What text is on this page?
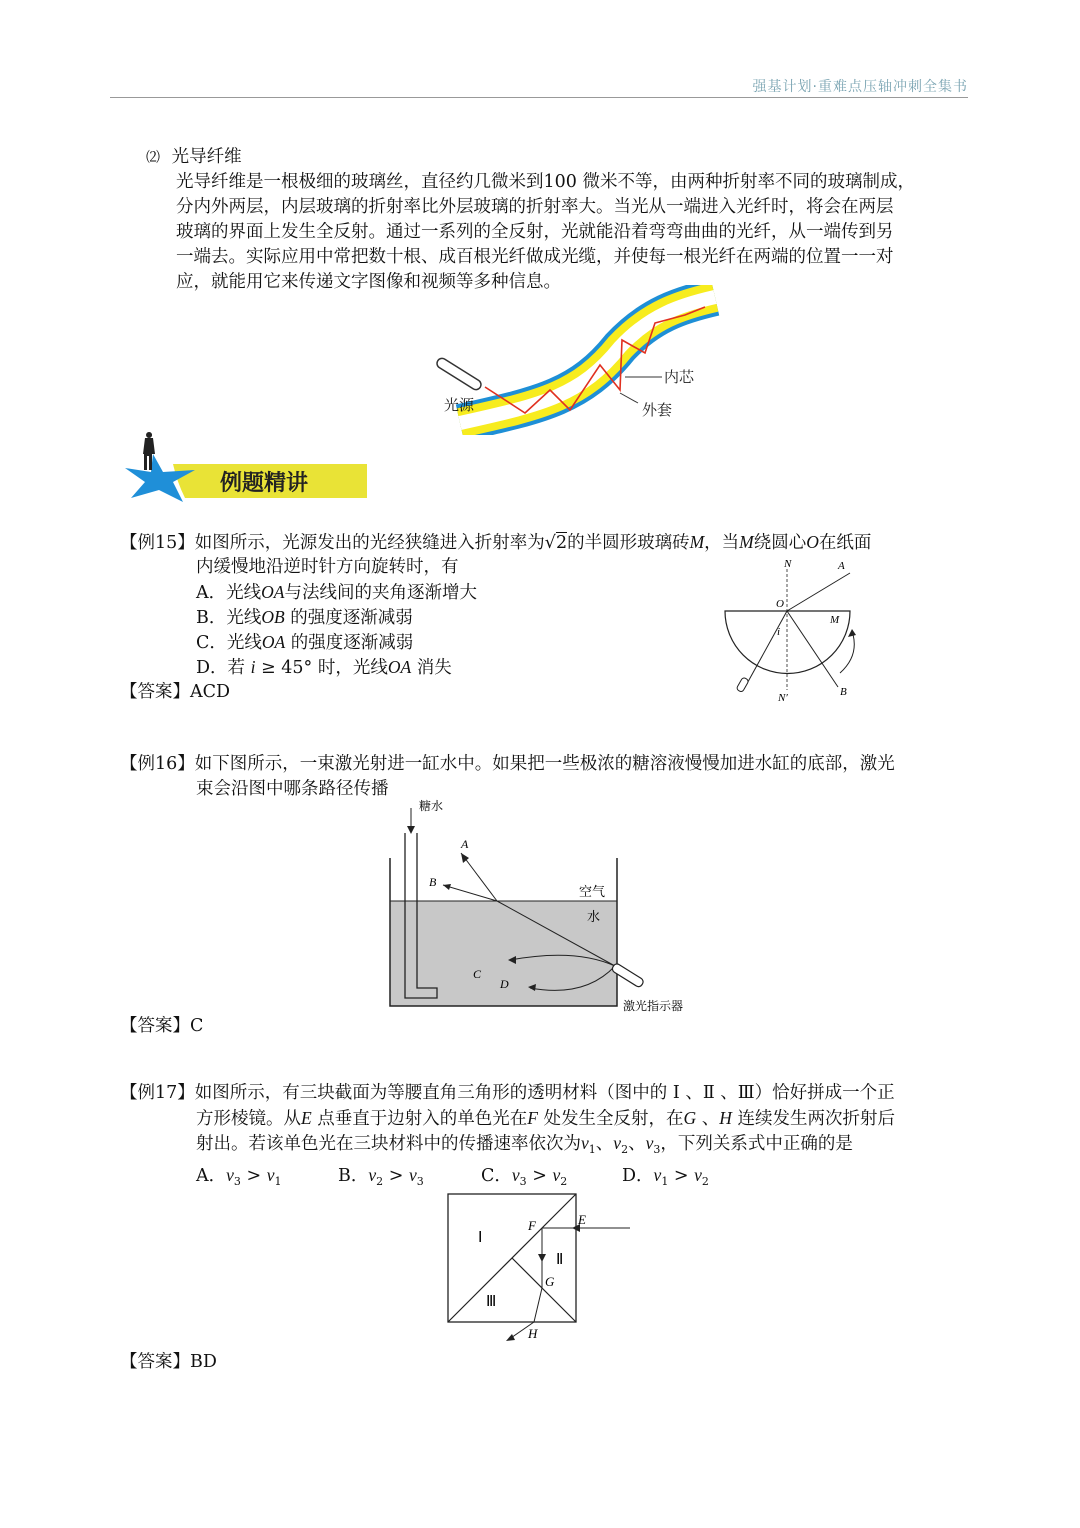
强基计划·重难点压轴冲刺全集书
⑵ 光导纤维
光导纤维是一根极细的玻璃丝，直径约几微米到100 微米不等，由两种折射率不同的玻璃制成，
分内外两层，内层玻璃的折射率比外层玻璃的折射率大。当光从一端进入光纤时，将会在两层
玻璃的界面上发生全反射。通过一系列的全反射，光就能沿着弯弯曲曲的光纤，从一端传到另
一端去。实际应用中常把数十根、成百根光纤做成光缆，并使每一根光纤在两端的位置一一对
应，就能用它来传递文字图像和视频等多种信息。
光源
内芯
外套
例题精讲
【例15】如图所示，光源发出的光经狭缝进入折射率为√2的半圆形玻璃砖M，当M绕圆心O在纸面
内缓慢地沿逆时针方向旋转时，有
A．光线OA与法线间的夹角逐渐增大
B．光线OB 的强度逐渐减弱
C．光线OA 的强度逐渐减弱
D．若 i ≥ 45° 时，光线OA 消失
【答案】ACD
N	A
O
M
i
N′	B
【例16】如下图所示，一束激光射进一缸水中。如果把一些极浓的糖溶液慢慢加进水缸的底部，激光
束会沿图中哪条路径传播
糖水
A
B
空气
水
C
D
激光指示器
【答案】C
【例17】如图所示，有三块截面为等腰直角三角形的透明材料（图中的 Ⅰ 、Ⅱ 、Ⅲ）恰好拼成一个正
方形棱镜。从E 点垂直于边射入的单色光在F 处发生全反射，在G 、H 连续发生两次折射后
射出。若该单色光在三块材料中的传播速率依次为$v_1$、$v_2$、$v_3$，下列关系式中正确的是
A．$v_3 > v_1$	B．$v_2 > v_3$	C．$v_3 > v_2$	D．$v_1 > v_2$
Ⅰ
Ⅱ
Ⅲ
E
F
G
H
【答案】BD
